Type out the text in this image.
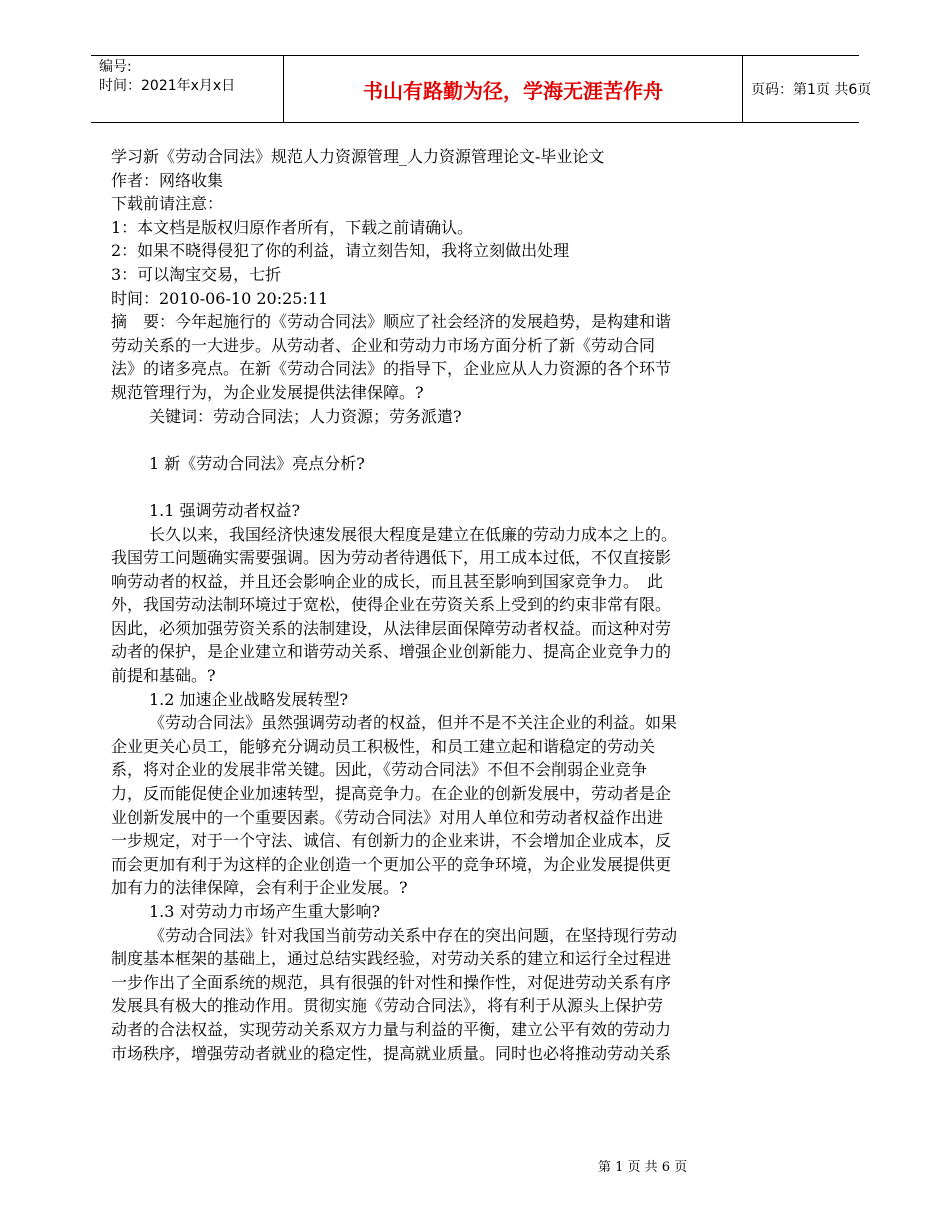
编号:
时间：2021年x月x日	书山有路勤为径，学海无涯苦作舟	页码：第1页 共6页
学习新《劳动合同法》规范人力资源管理_人力资源管理论文-毕业论文
作者：网络收集
下载前请注意：
1：本文档是版权归原作者所有，下载之前请确认。
2：如果不晓得侵犯了你的利益，请立刻告知，我将立刻做出处理
3：可以淘宝交易，七折
时间：2010-06-10 20:25:11
摘　要：今年起施行的《劳动合同法》顺应了社会经济的发展趋势，是构建和谐
劳动关系的一大进步。从劳动者、企业和劳动力市场方面分析了新《劳动合同
法》的诸多亮点。在新《劳动合同法》的指导下，企业应从人力资源的各个环节
规范管理行为，为企业发展提供法律保障。?
关键词：劳动合同法；人力资源；劳务派遣?
1 新《劳动合同法》亮点分析?
1.1 强调劳动者权益?
长久以来，我国经济快速发展很大程度是建立在低廉的劳动力成本之上的。
我国劳工问题确实需要强调。因为劳动者待遇低下，用工成本过低，不仅直接影
响劳动者的权益，并且还会影响企业的成长，而且甚至影响到国家竞争力。　此
外，我国劳动法制环境过于宽松，使得企业在劳资关系上受到的约束非常有限。
因此，必须加强劳资关系的法制建设，从法律层面保障劳动者权益。而这种对劳
动者的保护，是企业建立和谐劳动关系、增强企业创新能力、提高企业竞争力的
前提和基础。?
1.2 加速企业战略发展转型?
《劳动合同法》虽然强调劳动者的权益，但并不是不关注企业的利益。如果
企业更关心员工，能够充分调动员工积极性，和员工建立起和谐稳定的劳动关
系，将对企业的发展非常关键。因此，《劳动合同法》不但不会削弱企业竞争
力，反而能促使企业加速转型，提高竞争力。在企业的创新发展中，劳动者是企
业创新发展中的一个重要因素。《劳动合同法》对用人单位和劳动者权益作出进
一步规定，对于一个守法、诚信、有创新力的企业来讲，不会增加企业成本，反
而会更加有利于为这样的企业创造一个更加公平的竞争环境，为企业发展提供更
加有力的法律保障，会有利于企业发展。?
1.3 对劳动力市场产生重大影响?
《劳动合同法》针对我国当前劳动关系中存在的突出问题，在坚持现行劳动
制度基本框架的基础上，通过总结实践经验，对劳动关系的建立和运行全过程进
一步作出了全面系统的规范，具有很强的针对性和操作性，对促进劳动关系有序
发展具有极大的推动作用。贯彻实施《劳动合同法》，将有利于从源头上保护劳
动者的合法权益，实现劳动关系双方力量与利益的平衡，建立公平有效的劳动力
市场秩序，增强劳动者就业的稳定性，提高就业质量。同时也必将推动劳动关系
第 1 页 共 6 页
